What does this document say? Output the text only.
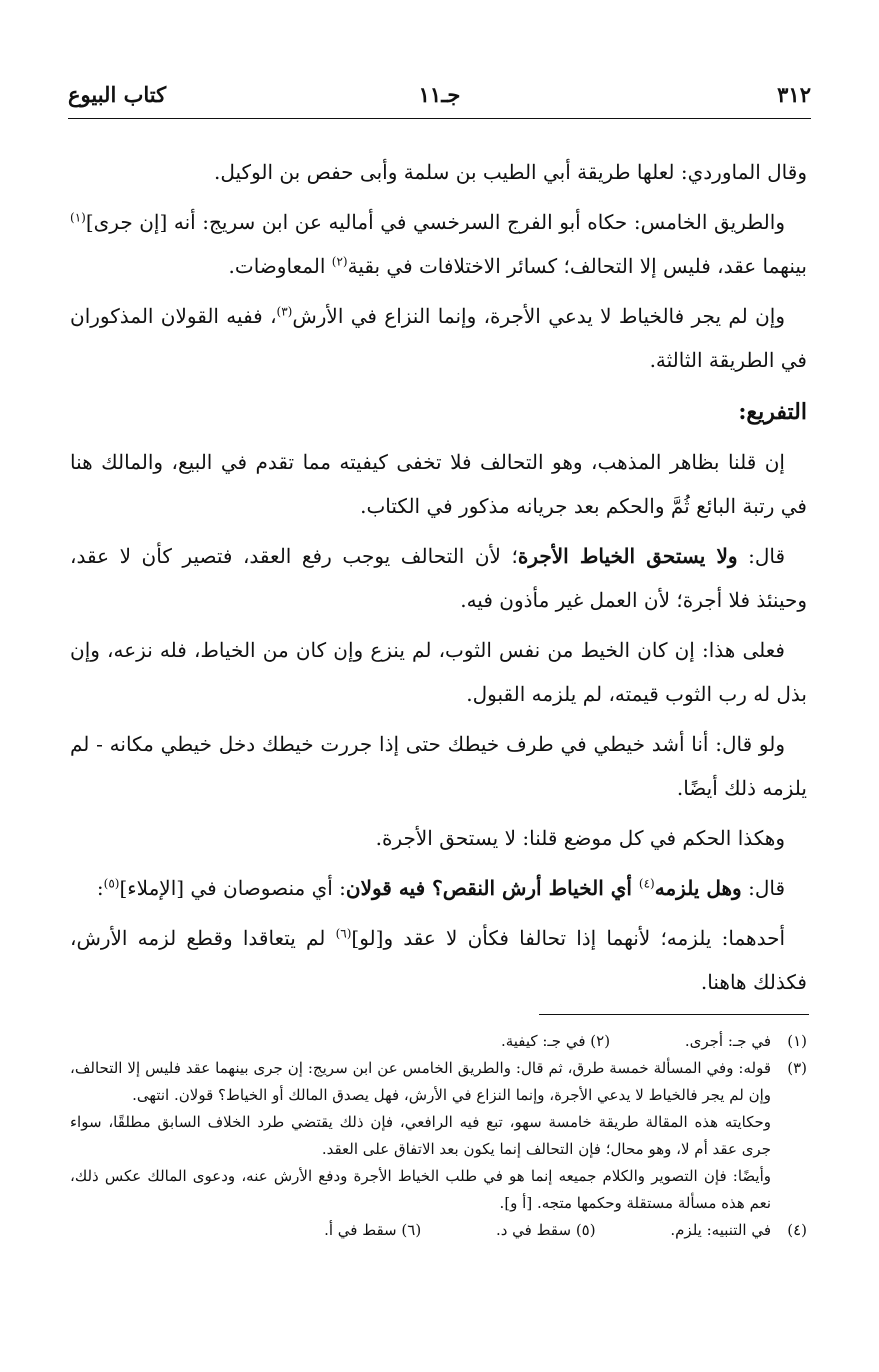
٣١٢
جـ١١
كتاب البيوع

وقال الماوردي: لعلها طريقة أبي الطيب بن سلمة وأبى حفص بن الوكيل.

والطريق الخامس: حكاه أبو الفرج السرخسي في أماليه عن ابن سريج: أنه [إن جرى]$^{(١)}$ بينهما عقد، فليس إلا التحالف؛ كسائر الاختلافات في بقية$^{(٢)}$ المعاوضات.

وإن لم يجر فالخياط لا يدعي الأجرة، وإنما النزاع في الأرش$^{(٣)}$، ففيه القولان المذكوران في الطريقة الثالثة.

التفريع:

إن قلنا بظاهر المذهب، وهو التحالف فلا تخفى كيفيته مما تقدم في البيع، والمالك هنا في رتبة البائع ثُمَّ والحكم بعد جريانه مذكور في الكتاب.

قال: ولا يستحق الخياط الأجرة؛ لأن التحالف يوجب رفع العقد، فتصير كأن لا عقد، وحينئذ فلا أجرة؛ لأن العمل غير مأذون فيه.

فعلى هذا: إن كان الخيط من نفس الثوب، لم ينزع وإن كان من الخياط، فله نزعه، وإن بذل له رب الثوب قيمته، لم يلزمه القبول.

ولو قال: أنا أشد خيطي في طرف خيطك حتى إذا جررت خيطك دخل خيطي مكانه - لم يلزمه ذلك أيضًا.

وهكذا الحكم في كل موضع قلنا: لا يستحق الأجرة.

قال: وهل يلزمه$^{(٤)}$ أي الخياط أرش النقص؟ فيه قولان: أي منصوصان في [الإملاء]$^{(٥)}$:

أحدهما: يلزمه؛ لأنهما إذا تحالفا فكأن لا عقد و[لو]$^{(٦)}$ لم يتعاقدا وقطع لزمه الأرش، فكذلك هاهنا.

(١)
في جـ: أجرى. (٢) في جـ: كيفية.
(٣)

قوله: وفي المسألة خمسة طرق، ثم قال: والطريق الخامس عن ابن سريج: إن جرى بينهما عقد فليس إلا التحالف، وإن لم يجر فالخياط لا يدعي الأجرة، وإنما النزاع في الأرش، فهل يصدق المالك أو الخياط؟ قولان. انتهى.

وحكايته هذه المقالة طريقة خامسة سهو، تبع فيه الرافعي، فإن ذلك يقتضي طرد الخلاف السابق مطلقًا، سواء جرى عقد أم لا، وهو محال؛ فإن التحالف إنما يكون بعد الاتفاق على العقد.

وأيضًا: فإن التصوير والكلام جميعه إنما هو في طلب الخياط الأجرة ودفع الأرش عنه، ودعوى المالك عكس ذلك، نعم هذه مسألة مستقلة وحكمها متجه. [أ و].

(٤)
في التنبيه: يلزم. (٥) سقط في د. (٦) سقط في أ.
